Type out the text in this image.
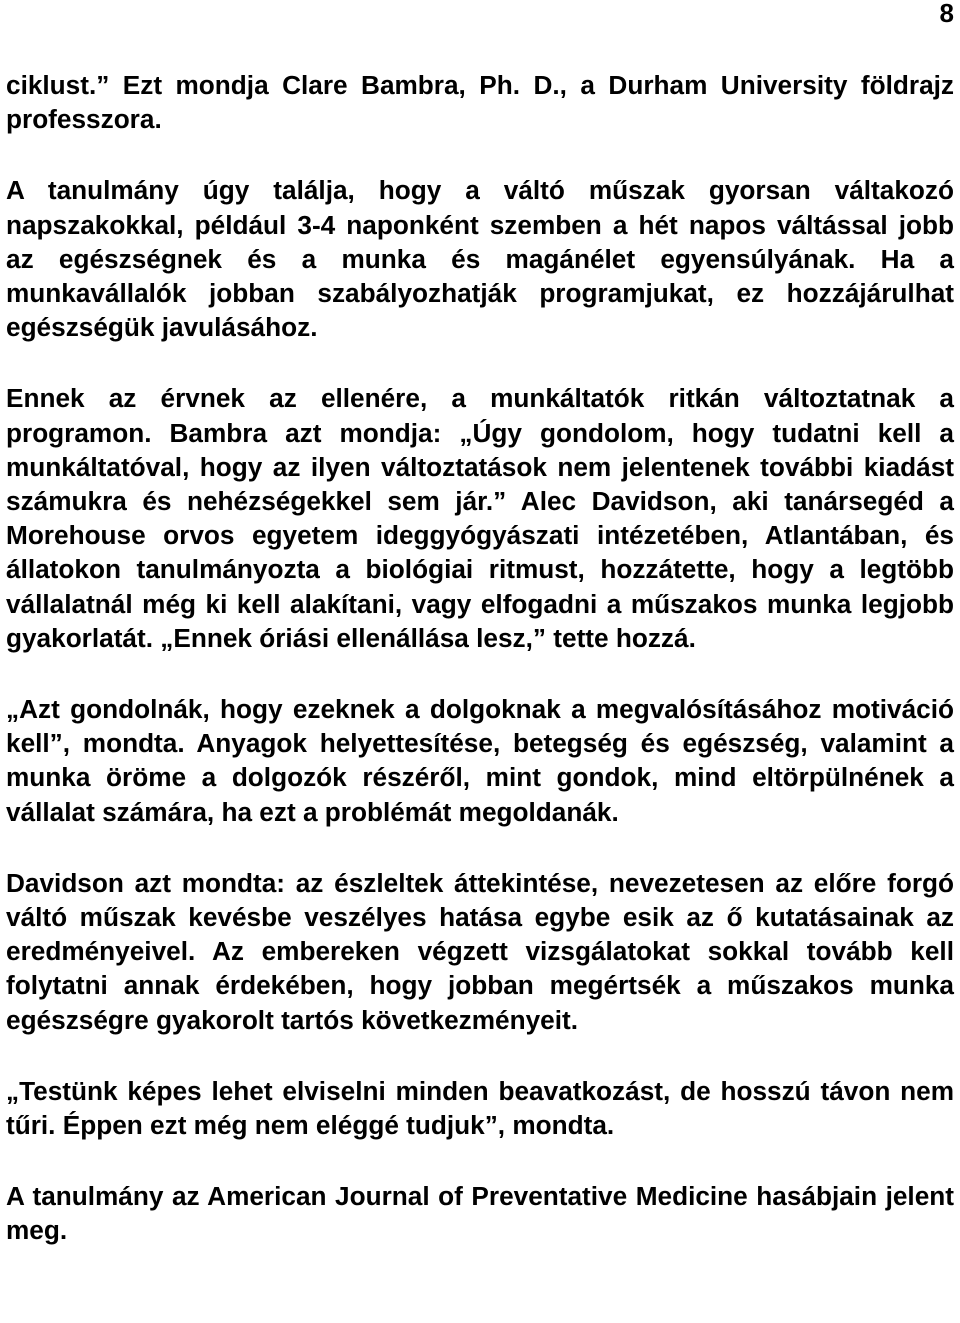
8

ciklust.” Ezt mondja Clare Bambra, Ph. D., a Durham University földrajz professzora.

A tanulmány úgy találja, hogy a váltó műszak gyorsan váltakozó napszakokkal, például 3-4 naponként szemben a hét napos váltással jobb az egészségnek és a munka és magánélet egyensúlyának. Ha a munkavállalók jobban szabályozhatják programjukat, ez hozzájárulhat egészségük javulásához.

Ennek az érvnek az ellenére, a munkáltatók ritkán változtatnak a programon. Bambra azt mondja: „Úgy gondolom, hogy tudatni kell a munkáltatóval, hogy az ilyen változtatások nem jelentenek további kiadást számukra és nehézségekkel sem jár.” Alec Davidson, aki tanársegéd a Morehouse orvos egyetem ideggyógyászati intézetében, Atlantában, és állatokon tanulmányozta a biológiai ritmust, hozzátette, hogy a legtöbb vállalatnál még ki kell alakítani, vagy elfogadni a műszakos munka legjobb gyakorlatát. „Ennek óriási ellenállása lesz,” tette hozzá.

„Azt gondolnák, hogy ezeknek a dolgoknak a megvalósításához motiváció kell”, mondta. Anyagok helyettesítése, betegség és egészség, valamint a munka öröme a dolgozók részéről, mint gondok, mind eltörpülnének a vállalat számára, ha ezt a problémát megoldanák.

Davidson azt mondta: az észleltek áttekintése, nevezetesen az előre forgó váltó műszak kevésbe veszélyes hatása egybe esik az ő kutatásainak az eredményeivel. Az embereken végzett vizsgálatokat sokkal tovább kell folytatni annak érdekében, hogy jobban megértsék a műszakos munka egészségre gyakorolt tartós következményeit.

„Testünk képes lehet elviselni minden beavatkozást, de hosszú távon nem tűri. Éppen ezt még nem eléggé tudjuk”, mondta.

A tanulmány az American Journal of Preventative Medicine hasábjain jelent meg.
